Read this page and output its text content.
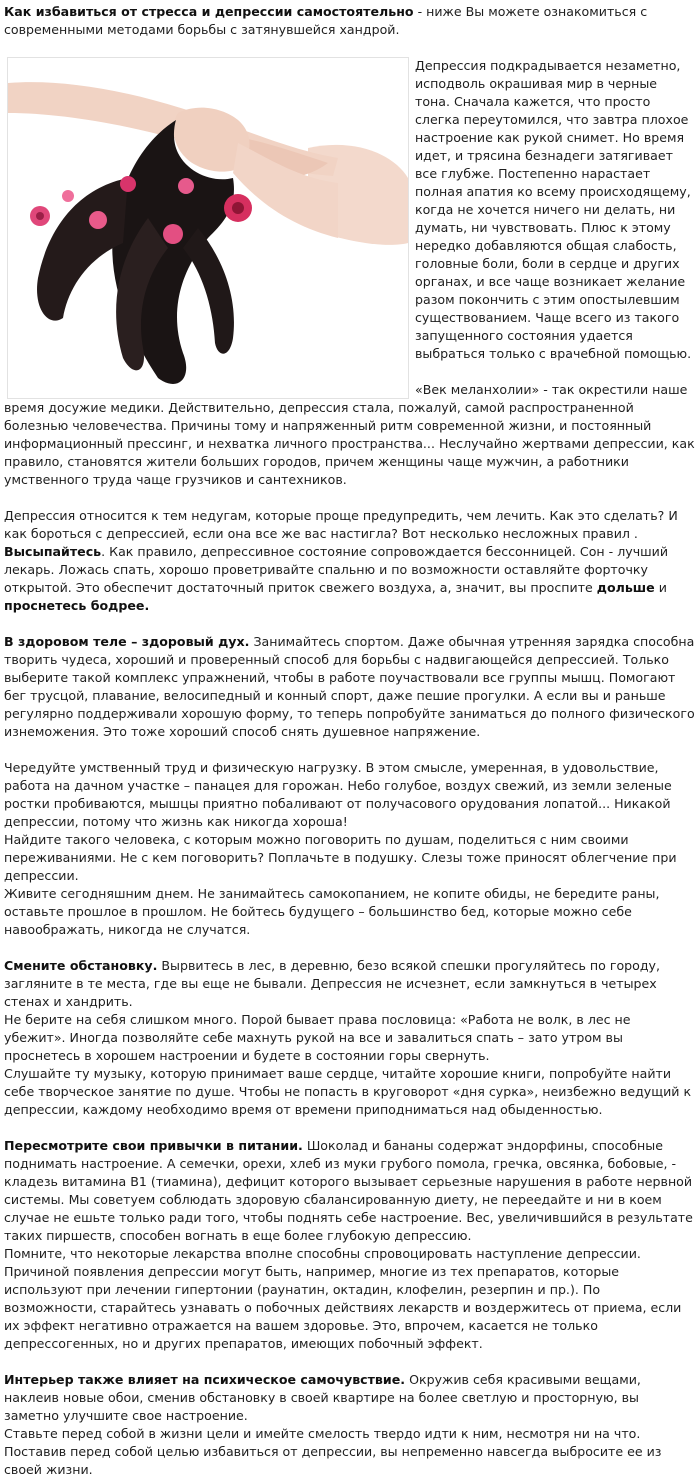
Как избавиться от стресса и депрессии самостоятельно - ниже Вы можете ознакомиться с современными методами борьбы с затянувшейся хандрой.

Депрессия подкрадывается незаметно, исподволь окрашивая мир в черные тона. Сначала кажется, что просто слегка переутомился, что завтра плохое настроение как рукой снимет. Но время идет, и трясина безнадеги затягивает все глубже. Постепенно нарастает полная апатия ко всему происходящему, когда не хочется ничего ни делать, ни думать, ни чувствовать. Плюс к этому нередко добавляются общая слабость, головные боли, боли в сердце и других органах, и все чаще возникает желание разом покончить с этим опостылевшим существованием. Чаще всего из такого запущенного состояния удается выбраться только с врачебной помощью.

«Век меланхолии» - так окрестили наше время досужие медики. Действительно, депрессия стала, пожалуй, самой распространенной болезнью человечества. Причины тому и напряженный ритм современной жизни, и постоянный информационный прессинг, и нехватка личного пространства... Неслучайно жертвами депрессии, как правило, становятся жители больших городов, причем женщины чаще мужчин, а работники умственного труда чаще грузчиков и сантехников.

Депрессия относится к тем недугам, которые проще предупредить, чем лечить. Как это сделать? И как бороться с депрессией, если она все же вас настигла? Вот несколько несложных правил .

Высыпайтесь. Как правило, депрессивное состояние сопровождается бессонницей. Сон - лучший лекарь. Ложась спать, хорошо проветривайте спальню и по возможности оставляйте форточку открытой. Это обеспечит достаточный приток свежего воздуха, а, значит, вы проспите дольше и проснетесь бодрее.

В здоровом теле – здоровый дух. Занимайтесь спортом. Даже обычная утренняя зарядка способна творить чудеса, хороший и проверенный способ для борьбы с надвигающейся депрессией. Только выберите такой комплекс упражнений, чтобы в работе поучаствовали все группы мышц. Помогают бег трусцой, плавание, велосипедный и конный спорт, даже пешие прогулки. А если вы и раньше регулярно поддерживали хорошую форму, то теперь попробуйте заниматься до полного физического изнеможения. Это тоже хороший способ снять душевное напряжение.

Чередуйте умственный труд и физическую нагрузку. В этом смысле, умеренная, в удовольствие, работа на дачном участке – панацея для горожан. Небо голубое, воздух свежий, из земли зеленые ростки пробиваются, мышцы приятно побаливают от получасового орудования лопатой... Никакой депрессии, потому что жизнь как никогда хороша!

Найдите такого человека, с которым можно поговорить по душам, поделиться с ним своими переживаниями. Не с кем поговорить? Поплачьте в подушку. Слезы тоже приносят облегчение при депрессии.

Живите сегодняшним днем. Не занимайтесь самокопанием, не копите обиды, не бередите раны, оставьте прошлое в прошлом. Не бойтесь будущего – большинство бед, которые можно себе навоображать, никогда не случатся.

Смените обстановку. Вырвитесь в лес, в деревню, безо всякой спешки прогуляйтесь по городу, загляните в те места, где вы еще не бывали. Депрессия не исчезнет, если замкнуться в четырех стенах и хандрить.

Не берите на себя слишком много. Порой бывает права пословица: «Работа не волк, в лес не убежит». Иногда позволяйте себе махнуть рукой на все и завалиться спать – зато утром вы проснетесь в хорошем настроении и будете в состоянии горы свернуть.

Слушайте ту музыку, которую принимает ваше сердце, читайте хорошие книги, попробуйте найти себе творческое занятие по душе. Чтобы не попасть в круговорот «дня сурка», неизбежно ведущий к депрессии, каждому необходимо время от времени приподниматься над обыденностью.

Пересмотрите свои привычки в питании. Шоколад и бананы содержат эндорфины, способные поднимать настроение. А семечки, орехи, хлеб из муки грубого помола, гречка, овсянка, бобовые, - кладезь витамина В1 (тиамина), дефицит которого вызывает серьезные нарушения в работе нервной системы. Мы советуем соблюдать здоровую сбалансированную диету, не переедайте и ни в коем случае не ешьте только ради того, чтобы поднять себе настроение. Вес, увеличившийся в результате таких пиршеств, способен вогнать в еще более глубокую депрессию.

Помните, что некоторые лекарства вполне способны спровоцировать наступление депрессии. Причиной появления депрессии могут быть, например, многие из тех препаратов, которые используют при лечении гипертонии (раунатин, октадин, клофелин, резерпин и пр.). По возможности, старайтесь узнавать о побочных действиях лекарств и воздержитесь от приема, если их эффект негативно отражается на вашем здоровье. Это, впрочем, касается не только депрессогенных, но и других препаратов, имеющих побочный эффект.

Интерьер также влияет на психическое самочувствие. Окружив себя красивыми вещами, наклеив новые обои, сменив обстановку в своей квартире на более светлую и просторную, вы заметно улучшите свое настроение.

Ставьте перед собой в жизни цели и имейте смелость твердо идти к ним, несмотря ни на что. Поставив перед собой целью избавиться от депрессии, вы непременно навсегда выбросите ее из своей жизни.
